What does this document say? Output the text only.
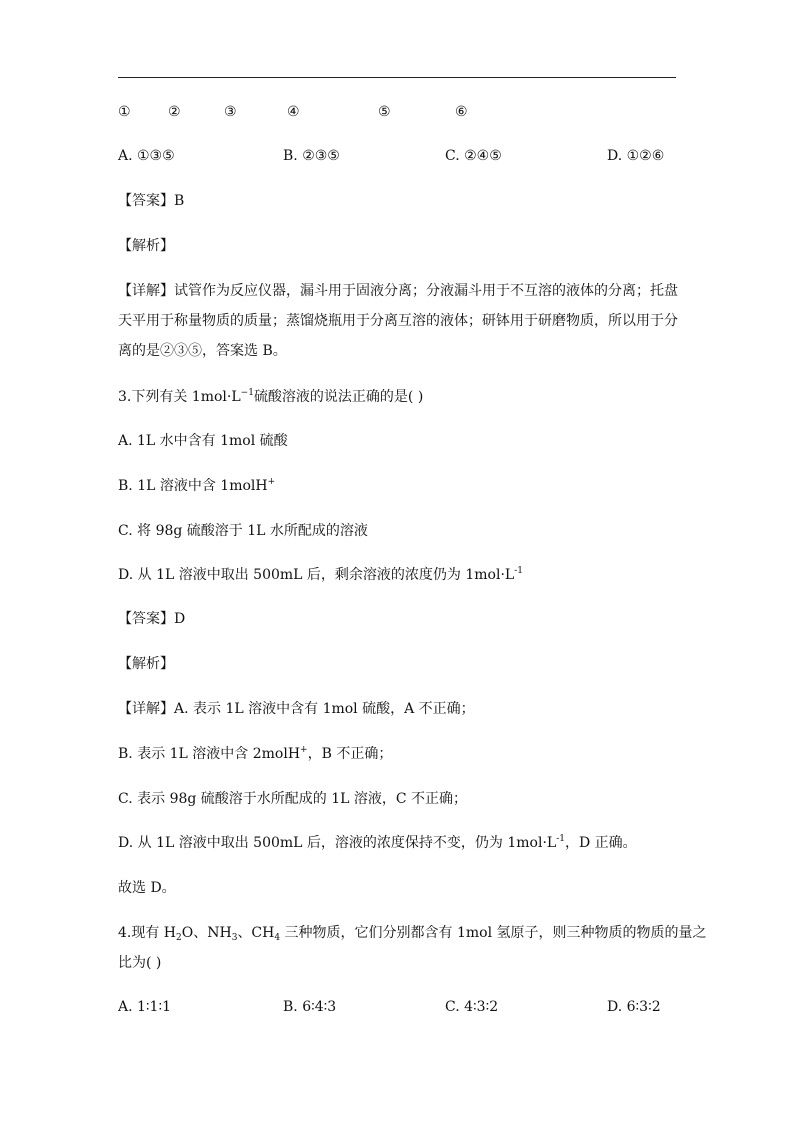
①	②	③	④	⑤	⑥
A. ①③⑤	B. ②③⑤	C. ②④⑤	D. ①②⑥
【答案】B
【解析】
【详解】试管作为反应仪器，漏斗用于固液分离；分液漏斗用于不互溶的液体的分离；托盘
天平用于称量物质的质量；蒸馏烧瓶用于分离互溶的液体；研钵用于研磨物质，所以用于分
离的是②③⑤，答案选 B。
3.下列有关 $1mol\cdot L^{-1}$硫酸溶液的说法正确的是( )
A. 1L 水中含有 1mol 硫酸
B. 1L 溶液中含 1molH+
C. 将 98g 硫酸溶于 1L 水所配成的溶液
D. 从 1L 溶液中取出 500mL 后，剩余溶液的浓度仍为 $1mol\cdot L^{-1}$
【答案】D
【解析】
【详解】A. 表示 1L 溶液中含有 1mol 硫酸，A 不正确；
B. 表示 1L 溶液中含 2molH+，B 不正确；
C. 表示 98g 硫酸溶于水所配成的 1L 溶液，C 不正确；
D. 从 1L 溶液中取出 500mL 后，溶液的浓度保持不变，仍为 $1mol\cdot L^{-1}$，D 正确。
故选 D。
4.现有 $H_2O$、$NH_3$、$CH_4$ 三种物质，它们分别都含有 1mol 氢原子，则三种物质的物质的量之
比为( )
A. 1∶1∶1	B. 6∶4∶3	C. 4∶3∶2	D. 6∶3∶2
